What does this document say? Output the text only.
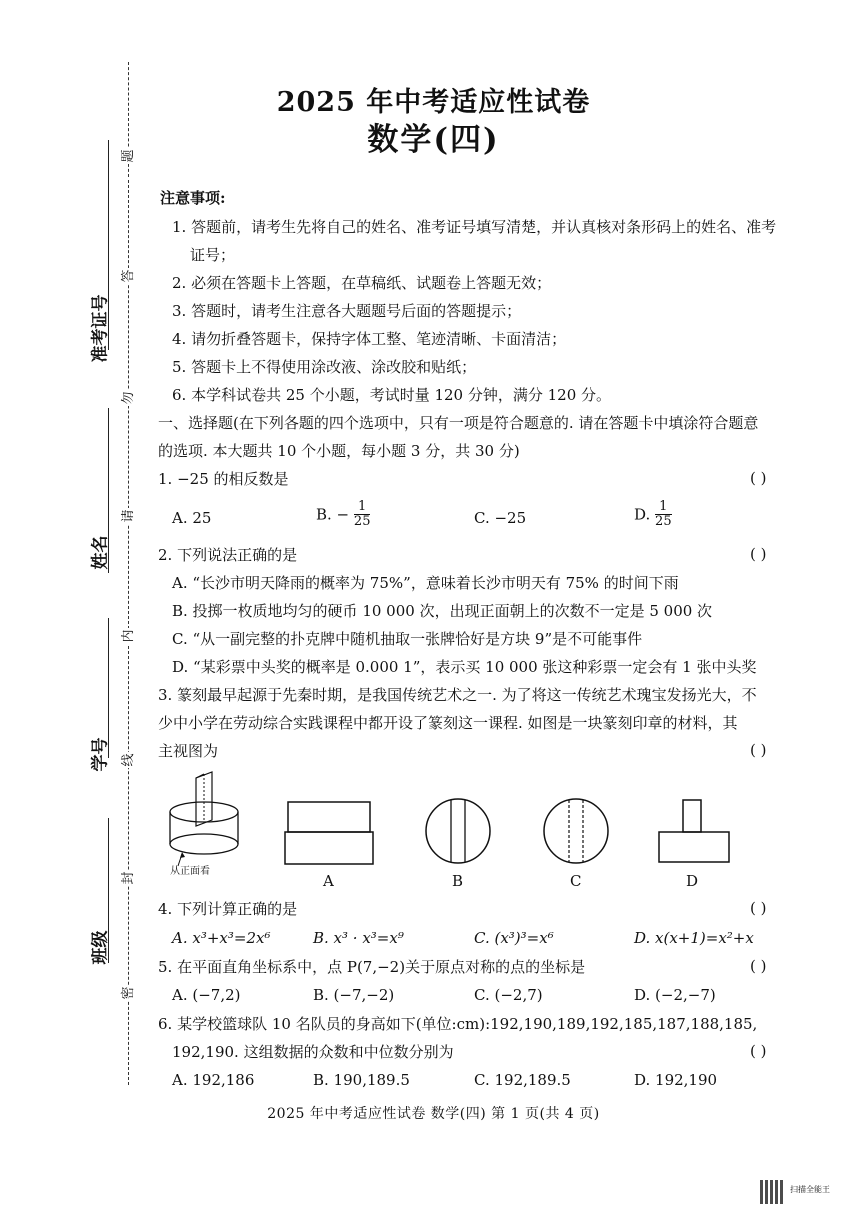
2025 年中考适应性试卷
数学(四)
准考证号
姓名
学号
班级
题
答
勿
请
内
线
封
密
注意事项:
1. 答题前，请考生先将自己的姓名、准考证号填写清楚，并认真核对条形码上的姓名、准考
证号；
2. 必须在答题卡上答题，在草稿纸、试题卷上答题无效；
3. 答题时，请考生注意各大题题号后面的答题提示；
4. 请勿折叠答题卡，保持字体工整、笔迹清晰、卡面清洁；
5. 答题卡上不得使用涂改液、涂改胶和贴纸；
6. 本学科试卷共 25 个小题，考试时量 120 分钟，满分 120 分。
一、选择题(在下列各题的四个选项中，只有一项是符合题意的. 请在答题卡中填涂符合题意
的选项. 本大题共 10 个小题，每小题 3 分，共 30 分)
1. −25 的相反数是	( )
A. 25	B. − $\frac{1}{25}$	C. −25	D. $\frac{1}{25}$
2. 下列说法正确的是	( )
A. “长沙市明天降雨的概率为 75%”，意味着长沙市明天有 75% 的时间下雨
B. 投掷一枚质地均匀的硬币 10 000 次，出现正面朝上的次数不一定是 5 000 次
C. “从一副完整的扑克牌中随机抽取一张牌恰好是方块 9”是不可能事件
D. “某彩票中头奖的概率是 0.000 1”，表示买 10 000 张这种彩票一定会有 1 张中头奖
3. 篆刻最早起源于先秦时期，是我国传统艺术之一. 为了将这一传统艺术瑰宝发扬光大，不
少中小学在劳动综合实践课程中都开设了篆刻这一课程. 如图是一块篆刻印章的材料，其
主视图为	( )
从正面看
A	B	C	D
4. 下列计算正确的是	( )
A. x³+x³=2x⁶	B. x³ · x³=x⁹	C. (x³)³=x⁶	D. x(x+1)=x²+x
5. 在平面直角坐标系中，点 P(7,−2)关于原点对称的点的坐标是	( )
A. (−7,2)	B. (−7,−2)	C. (−2,7)	D. (−2,−7)
6. 某学校篮球队 10 名队员的身高如下(单位:cm):192,190,189,192,185,187,188,185,
192,190. 这组数据的众数和中位数分别为	( )
A. 192,186	B. 190,189.5	C. 192,189.5	D. 192,190
2025 年中考适应性试卷 数学(四) 第 1 页(共 4 页)
扫描全能王
